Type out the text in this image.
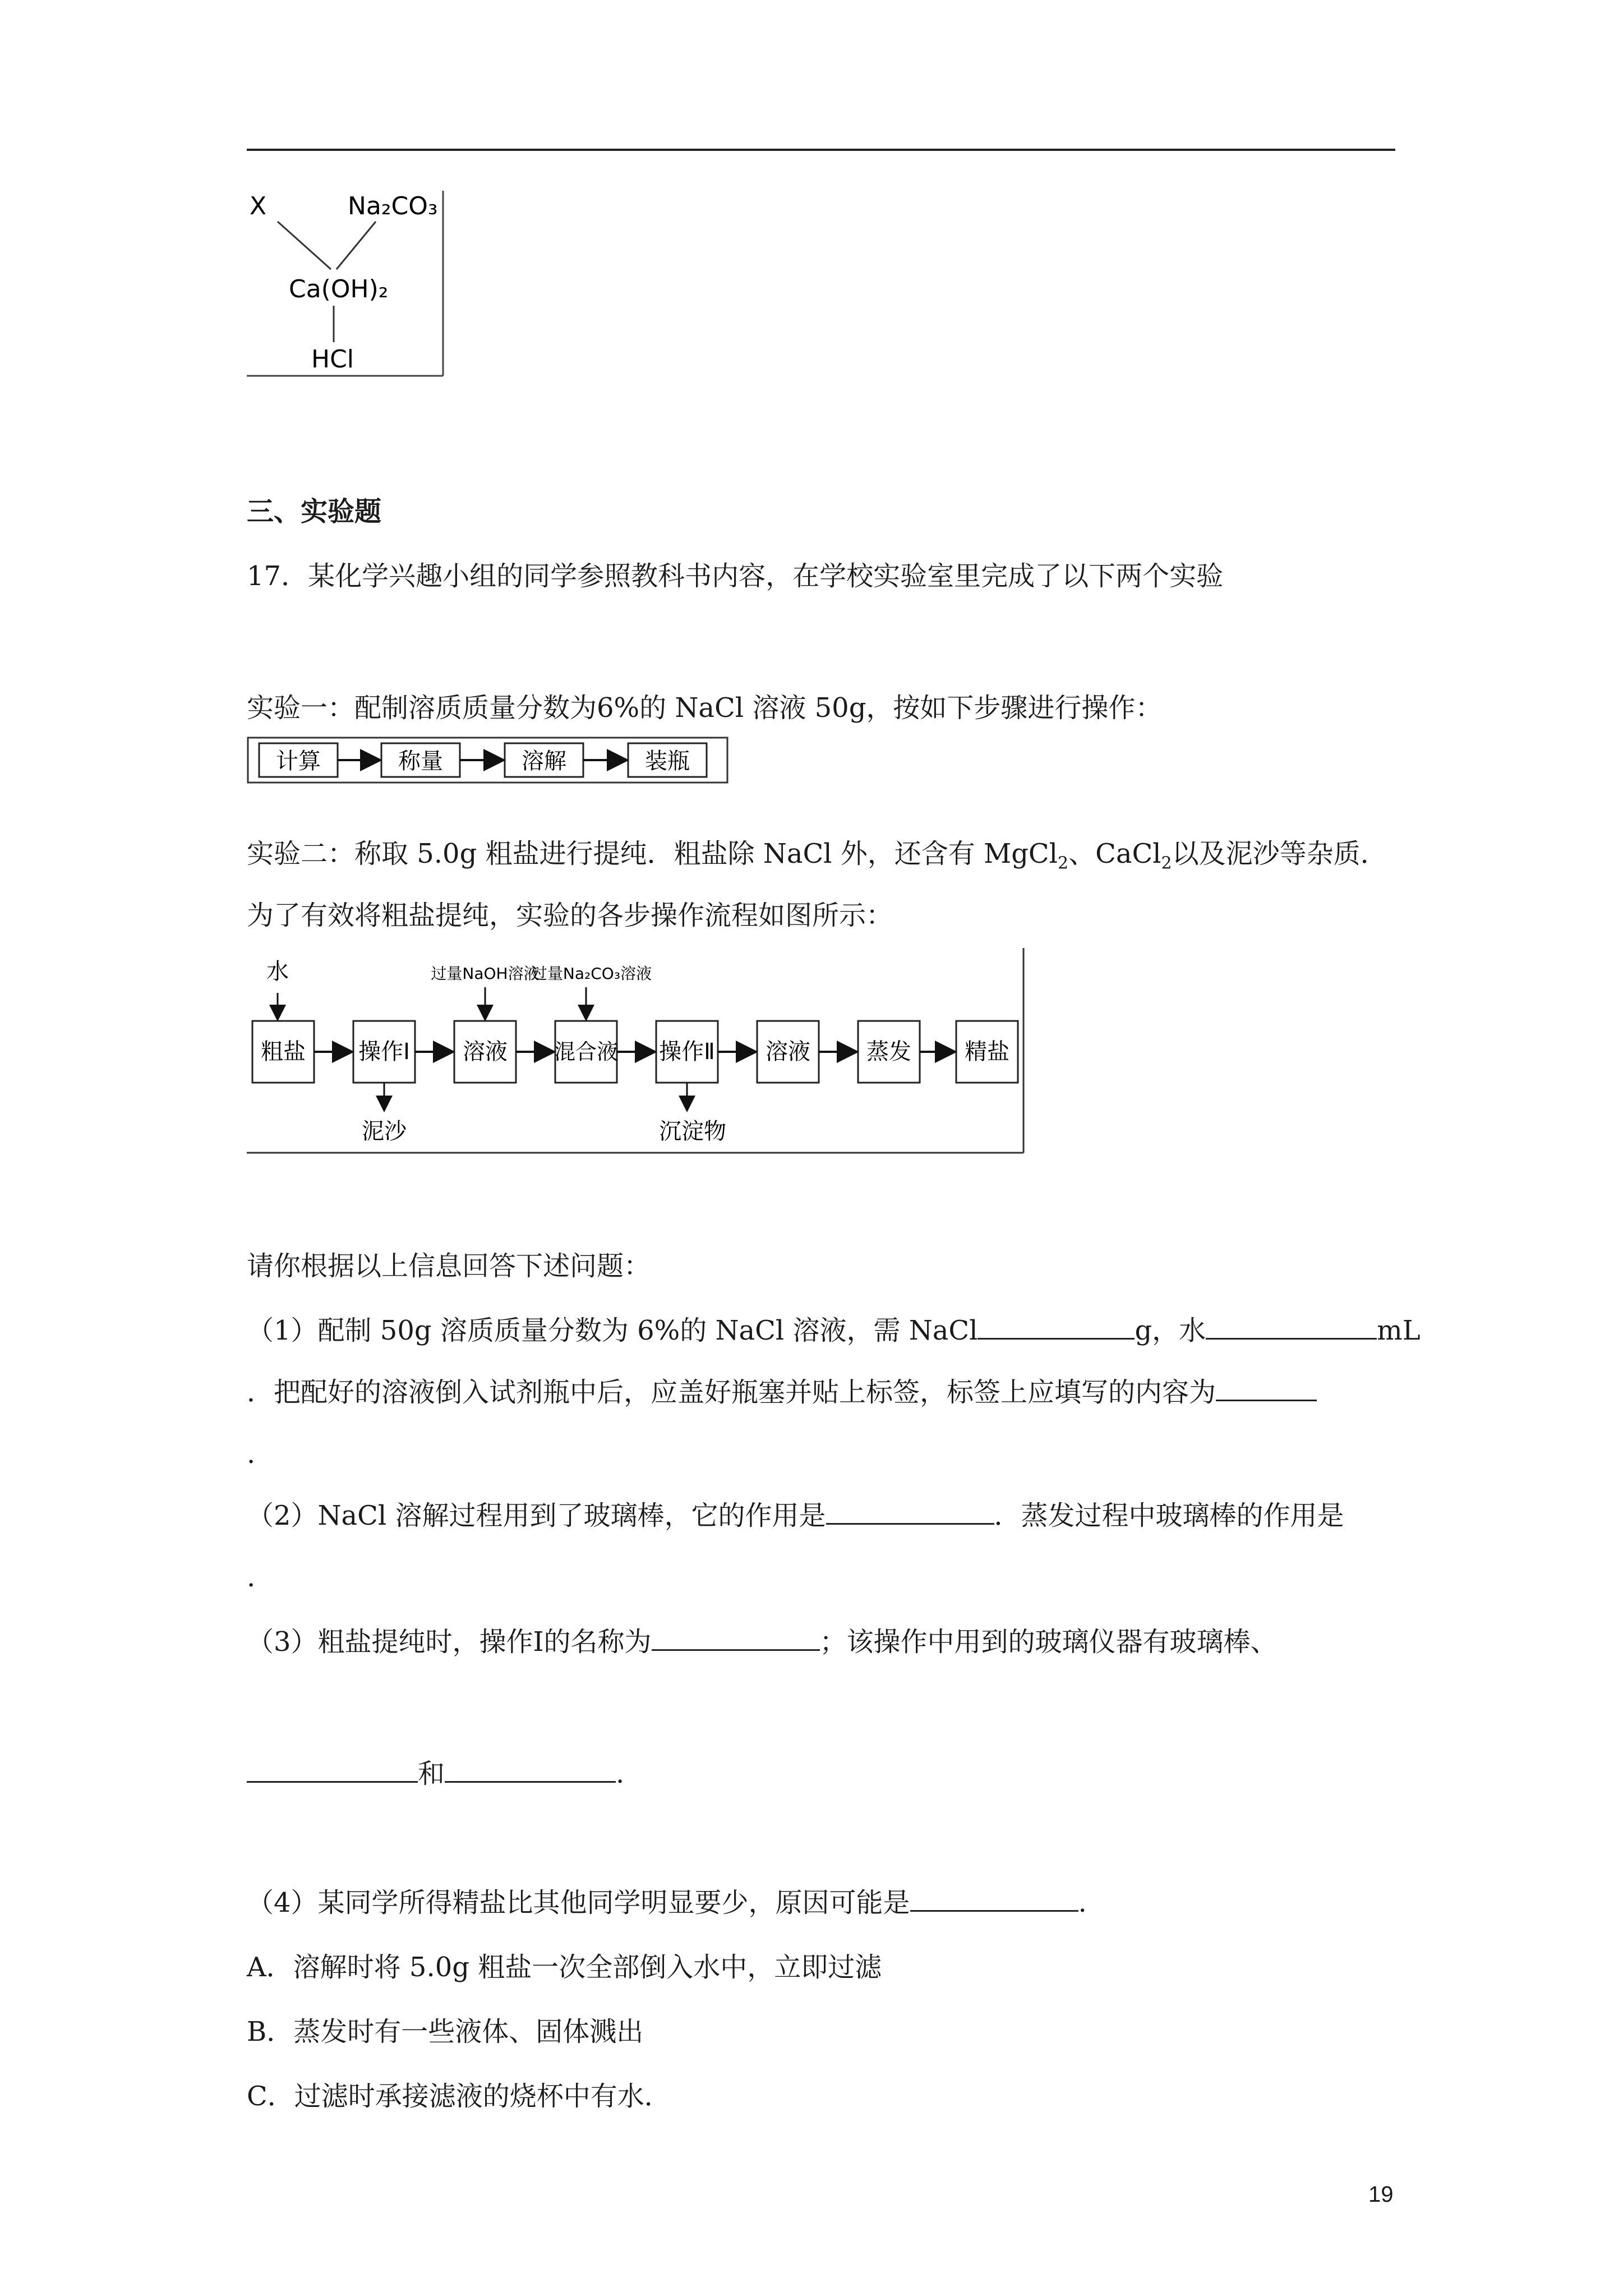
X	Na₂CO₃
Ca(OH)₂
HCl
三、实验题
17．某化学兴趣小组的同学参照教科书内容，在学校实验室里完成了以下两个实验
实验一：配制溶质质量分数为6%的 NaCl 溶液 50g，按如下步骤进行操作：
计算	称量	溶解	装瓶
实验二：称取 5.0g 粗盐进行提纯．粗盐除 NaCl 外，还含有 MgCl$_2$、CaCl$_2$以及泥沙等杂质．
为了有效将粗盐提纯，实验的各步操作流程如图所示：
水	过量NaOH溶液
过量Na₂CO₃溶液
粗盐 操作Ⅰ 溶液 混合液 操作Ⅱ 溶液	蒸发 精盐
泥沙	沉淀物
请你根据以上信息回答下述问题：
（1）配制 50g 溶质质量分数为 6%的 NaCl 溶液，需 NaCl	g，水	mL
．把配好的溶液倒入试剂瓶中后，应盖好瓶塞并贴上标签，标签上应填写的内容为
.
（2）NaCl 溶解过程用到了玻璃棒，它的作用是	．蒸发过程中玻璃棒的作用是
.
（3）粗盐提纯时，操作Ⅰ的名称为	；该操作中用到的玻璃仪器有玻璃棒、
和	.
（4）某同学所得精盐比其他同学明显要少，原因可能是	.
A．溶解时将 5.0g 粗盐一次全部倒入水中，立即过滤
B．蒸发时有一些液体、固体溅出
C．过滤时承接滤液的烧杯中有水．
19
